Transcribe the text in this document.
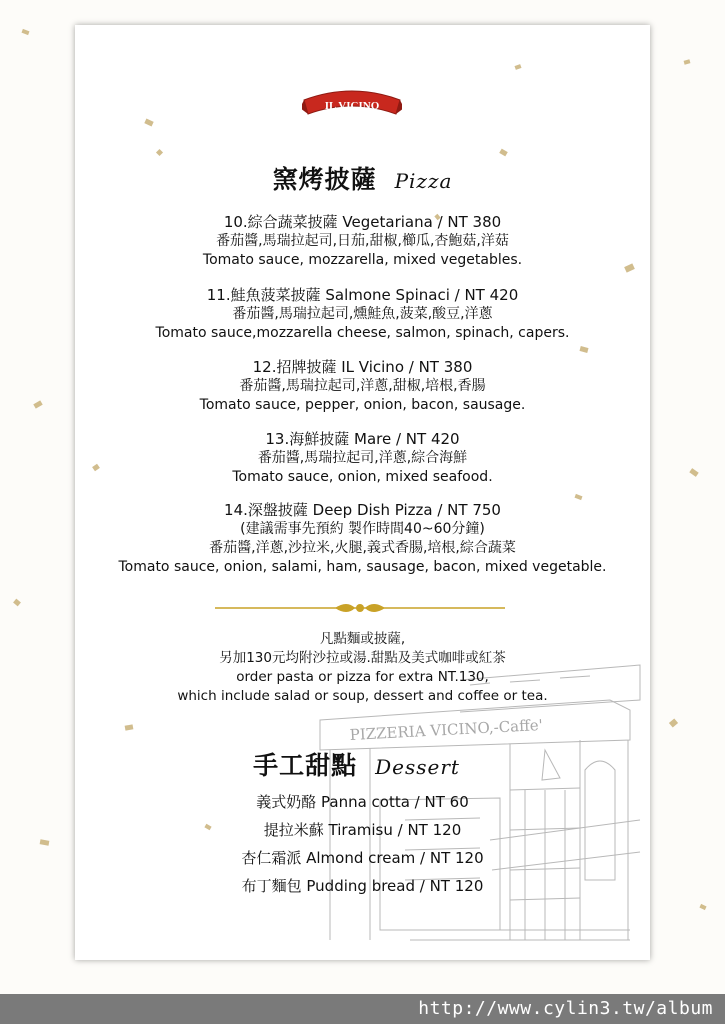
IL VICINO
窯烤披薩 Pizza
10.綜合蔬菜披薩 Vegetariana / NT 380
番茄醬,馬瑞拉起司,日茄,甜椒,櫛瓜,杏鮑菇,洋菇
Tomato sauce, mozzarella, mixed vegetables.
11.鮭魚菠菜披薩 Salmone Spinaci / NT 420
番茄醬,馬瑞拉起司,燻鮭魚,菠菜,酸豆,洋蔥
Tomato sauce,mozzarella cheese, salmon, spinach, capers.
12.招牌披薩 IL Vicino / NT 380
番茄醬,馬瑞拉起司,洋蔥,甜椒,培根,香腸
Tomato sauce, pepper, onion, bacon, sausage.
13.海鮮披薩 Mare / NT 420
番茄醬,馬瑞拉起司,洋蔥,綜合海鮮
Tomato sauce, onion, mixed seafood.
14.深盤披薩 Deep Dish Pizza / NT 750
(建議需事先預約 製作時間40~60分鐘)
番茄醬,洋蔥,沙拉米,火腿,義式香腸,培根,綜合蔬菜
Tomato sauce, onion, salami, ham, sausage, bacon, mixed vegetable.
PIZZERIA VICINO,-Caffe'
凡點麵或披薩,
另加130元均附沙拉或湯.甜點及美式咖啡或紅茶
order pasta or pizza for extra NT.130,
which include salad or soup, dessert and coffee or tea.
手工甜點 Dessert
義式奶酪 Panna cotta / NT 60
提拉米蘇 Tiramisu / NT 120
杏仁霜派 Almond cream / NT 120
布丁麵包 Pudding bread / NT 120
http://www.cylin3.tw/album
